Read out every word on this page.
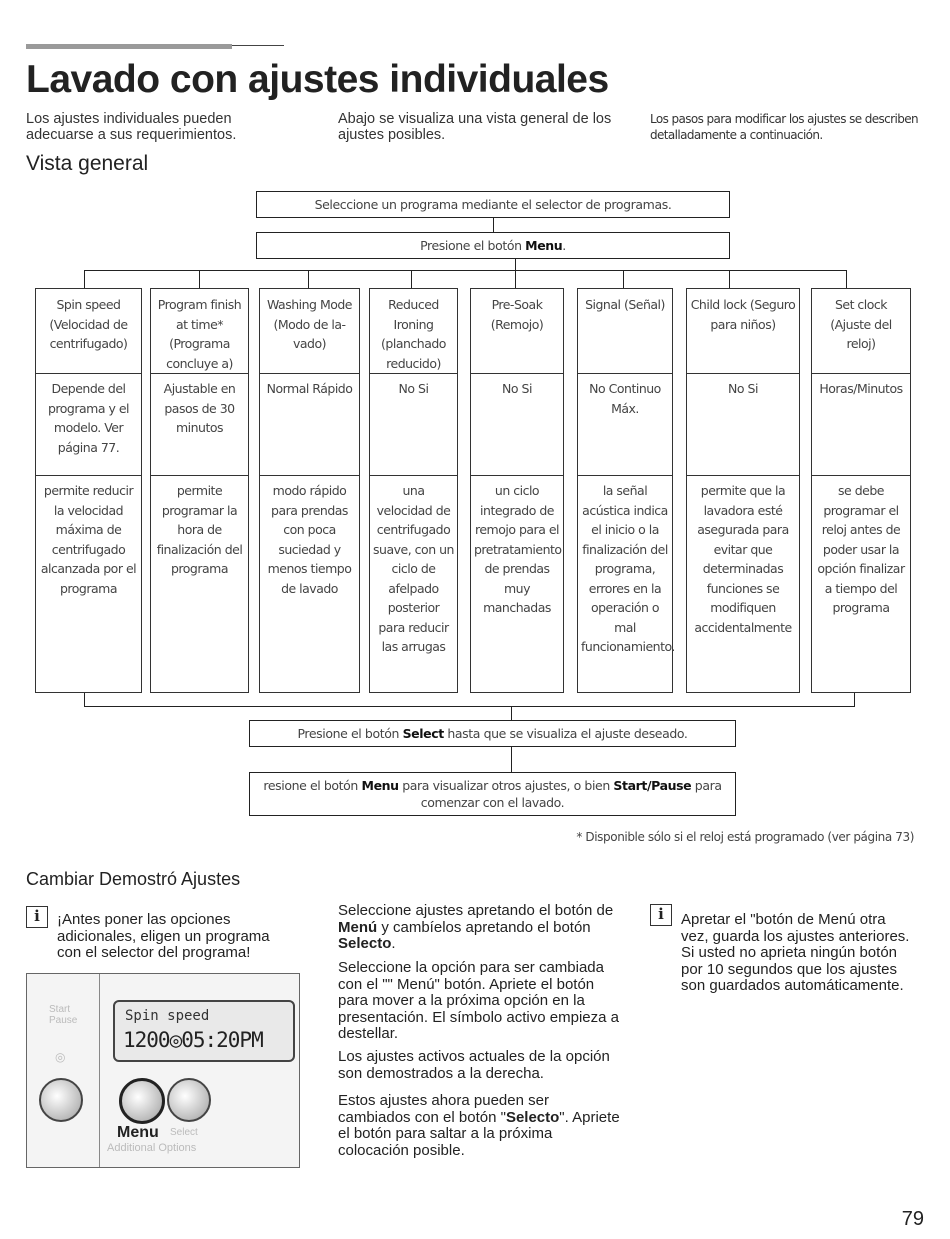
Lavado con ajustes individuales
Los ajustes individuales pueden adecuarse a sus requerimientos.
Abajo se visualiza una vista general de los ajustes posibles.
Los pasos para modificar los ajustes se describen detalladamente a continuación.
Vista general
Seleccione un programa mediante el selector de programas.
Presione el botón Menu.
Spin speed (Velocidad de centrifugado)
Depende del programa y el modelo. Ver página 77.
permite reducir la velocidad máxima de centrifugado alcanzada por el programa
Program finish at time* (Programa concluye a)
Ajustable en pasos de 30 minutos
permite programar la hora de finalización del programa
Washing Mode (Modo de la-vado)
Normal Rápido
modo rápido para prendas con poca suciedad y menos tiempo de lavado
Reduced Ironing (planchado reducido)
No Si
una velocidad de centrifugado suave, con un ciclo de afelpado posterior para reducir las arrugas
Pre-Soak (Remojo)
No Si
un ciclo integrado de remojo para el pretratamiento de prendas muy manchadas
Signal (Señal)
No Continuo Máx.
la señal acústica indica el inicio o la finalización del programa, errores en la operación o mal funcionamiento.
Child lock (Seguro para niños)
No Si
permite que la lavadora esté asegurada para evitar que determinadas funciones se modifiquen accidentalmente
Set clock (Ajuste del reloj)
Horas/Minutos
se debe programar el reloj antes de poder usar la opción finalizar a tiempo del programa
Presione el botón Select hasta que se visualiza el ajuste deseado.
resione el botón Menu para visualizar otros ajustes, o bien Start/Pause para
comenzar con el lavado.
* Disponible sólo si el reloj está programado (ver página 73)
Cambiar Demostró Ajustes
i	¡Antes poner las opciones adicionales, eligen un programa con el selector del programa!
Start
Pause
◎
Spin speed
1200◎05:20PM
Menu Select
Additional Options
Seleccione ajustes apretando el botón de Menú y cambíelos apretando el botón Selecto.
Seleccione la opción para ser cambiada con el "" Menú" botón. Apriete el botón para mover a la próxima opción en la presentación. El símbolo activo empieza a destellar.
Los ajustes activos actuales de la opción son demostrados a la derecha.
Estos ajustes ahora pueden ser cambiados con el botón "Selecto". Apriete el botón para saltar a la próxima colocación posible.
i	Apretar el "botón de Menú otra vez, guarda los ajustes anteriores. Si usted no aprieta ningún botón por 10 segundos que los ajustes son guardados automáticamente.
79
